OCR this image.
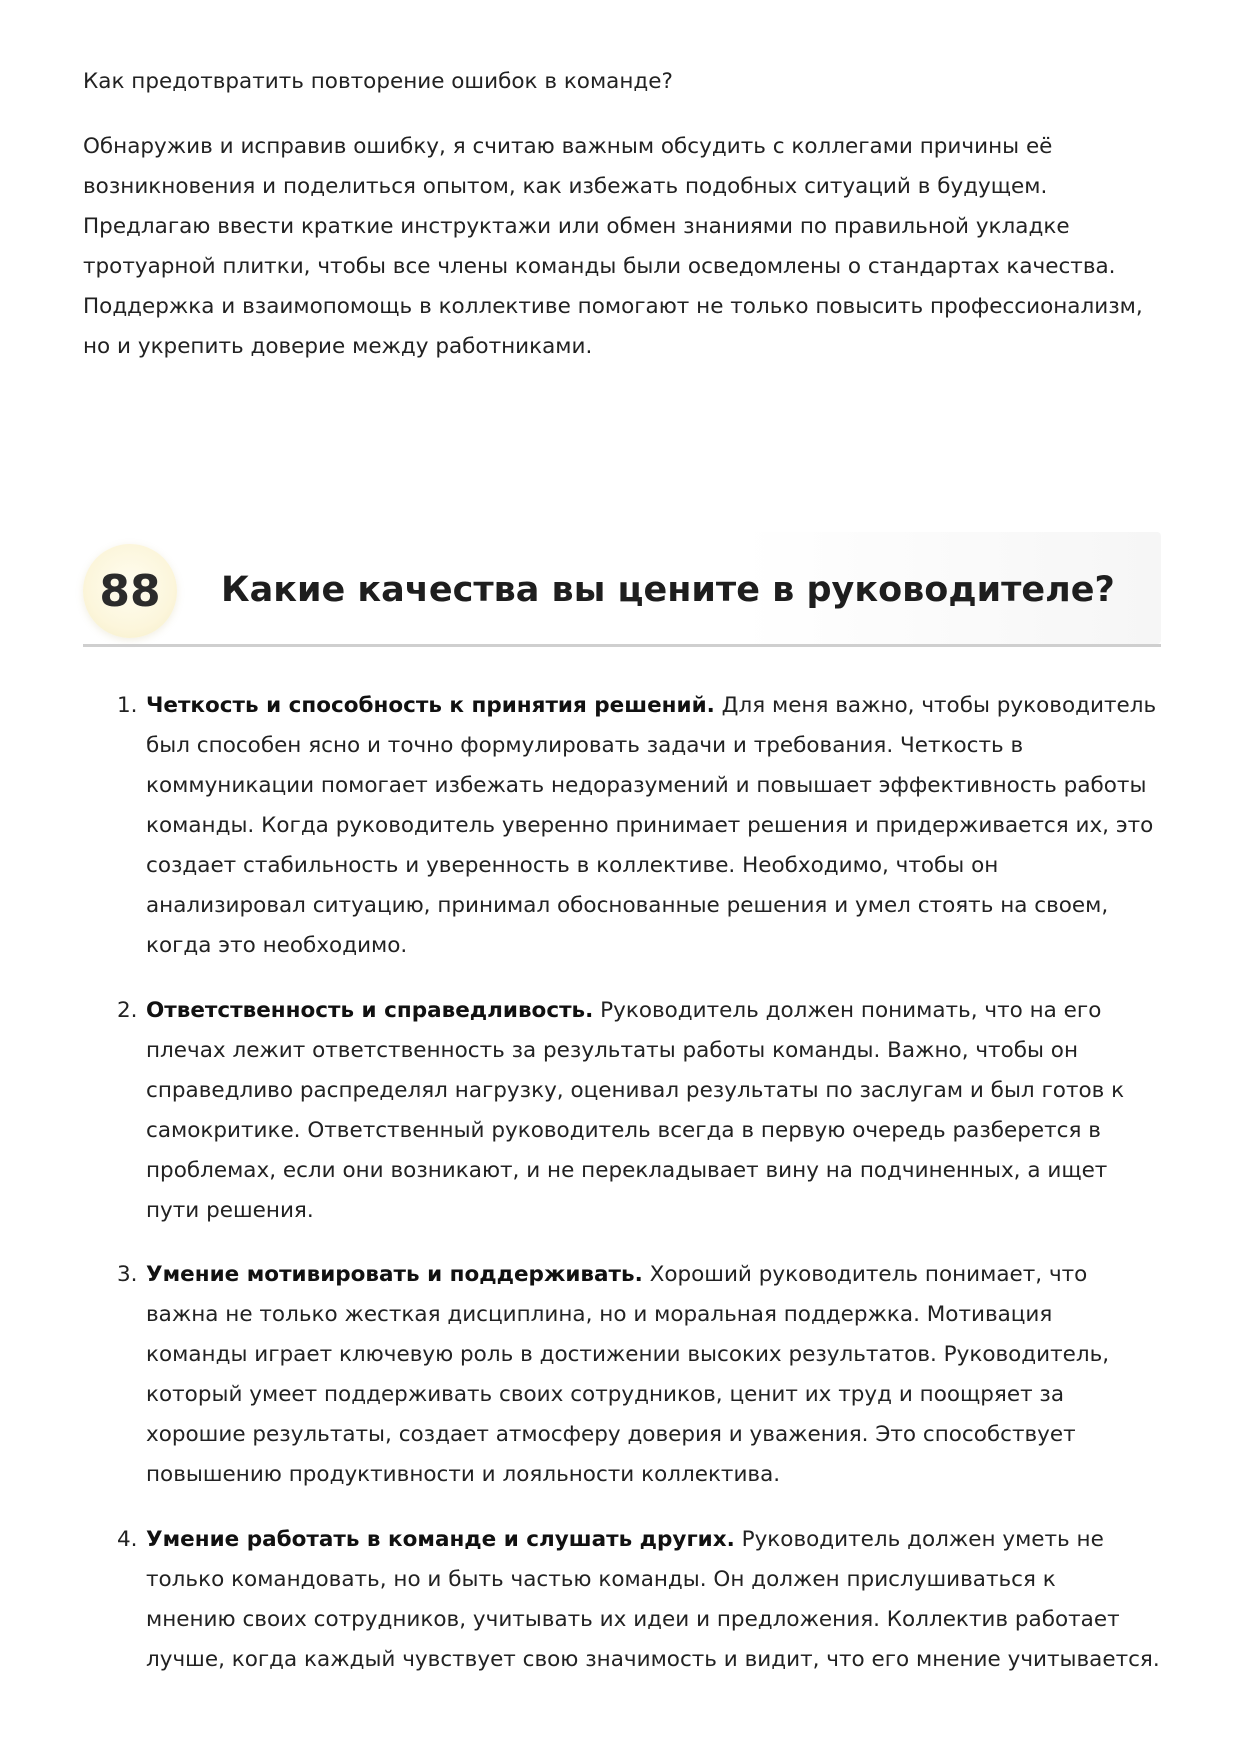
Как предотвратить повторение ошибок в команде?

Обнаружив и исправив ошибку, я считаю важным обсудить с коллегами причины её
возникновения и поделиться опытом, как избежать подобных ситуаций в будущем.
Предлагаю ввести краткие инструктажи или обмен знаниями по правильной укладке
тротуарной плитки, чтобы все члены команды были осведомлены о стандартах качества.
Поддержка и взаимопомощь в коллективе помогают не только повысить профессионализм,
но и укрепить доверие между работниками.

88	Какие качества вы цените в руководителе?
1. Четкость и способность к принятия решений. Для меня важно, чтобы руководитель
был способен ясно и точно формулировать задачи и требования. Четкость в
коммуникации помогает избежать недоразумений и повышает эффективность работы
команды. Когда руководитель уверенно принимает решения и придерживается их, это
создает стабильность и уверенность в коллективе. Необходимо, чтобы он
анализировал ситуацию, принимал обоснованные решения и умел стоять на своем,
когда это необходимо.
2. Ответственность и справедливость. Руководитель должен понимать, что на его
плечах лежит ответственность за результаты работы команды. Важно, чтобы он
справедливо распределял нагрузку, оценивал результаты по заслугам и был готов к
самокритике. Ответственный руководитель всегда в первую очередь разберется в
проблемах, если они возникают, и не перекладывает вину на подчиненных, а ищет
пути решения.
3. Умение мотивировать и поддерживать. Хороший руководитель понимает, что
важна не только жесткая дисциплина, но и моральная поддержка. Мотивация
команды играет ключевую роль в достижении высоких результатов. Руководитель,
который умеет поддерживать своих сотрудников, ценит их труд и поощряет за
хорошие результаты, создает атмосферу доверия и уважения. Это способствует
повышению продуктивности и лояльности коллектива.
4. Умение работать в команде и слушать других. Руководитель должен уметь не
только командовать, но и быть частью команды. Он должен прислушиваться к
мнению своих сотрудников, учитывать их идеи и предложения. Коллектив работает
лучше, когда каждый чувствует свою значимость и видит, что его мнение учитывается.
